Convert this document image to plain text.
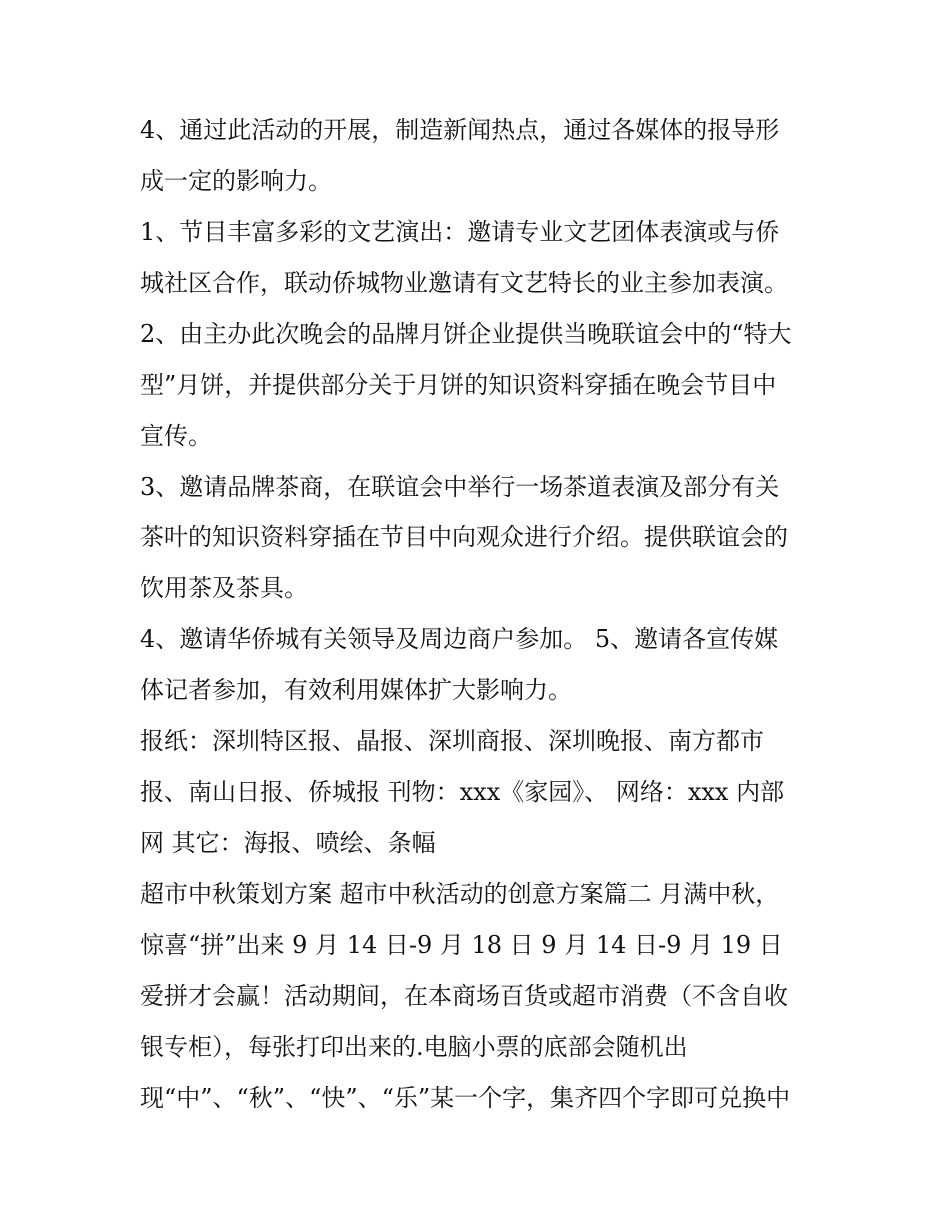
4、通过此活动的开展，制造新闻热点，通过各媒体的报导形
成一定的影响力。
1、节目丰富多彩的文艺演出：邀请专业文艺团体表演或与侨
城社区合作，联动侨城物业邀请有文艺特长的业主参加表演。
2、由主办此次晚会的品牌月饼企业提供当晚联谊会中的“特大
型”月饼，并提供部分关于月饼的知识资料穿插在晚会节目中
宣传。
3、邀请品牌茶商，在联谊会中举行一场茶道表演及部分有关
茶叶的知识资料穿插在节目中向观众进行介绍。提供联谊会的
饮用茶及茶具。
4、邀请华侨城有关领导及周边商户参加。 5、邀请各宣传媒
体记者参加，有效利用媒体扩大影响力。
报纸：深圳特区报、晶报、深圳商报、深圳晚报、南方都市
报、南山日报、侨城报 刊物：xxx《家园》、 网络：xxx 内部
网 其它：海报、喷绘、条幅
超市中秋策划方案 超市中秋活动的创意方案篇二 月满中秋，
惊喜“拼”出来 9 月 14 日-9 月 18 日 9 月 14 日-9 月 19 日
爱拼才会赢！活动期间，在本商场百货或超市消费（不含自收
银专柜），每张打印出来的.电脑小票的底部会随机出
现“中”、“秋”、“快”、“乐”某一个字，集齐四个字即可兑换中
